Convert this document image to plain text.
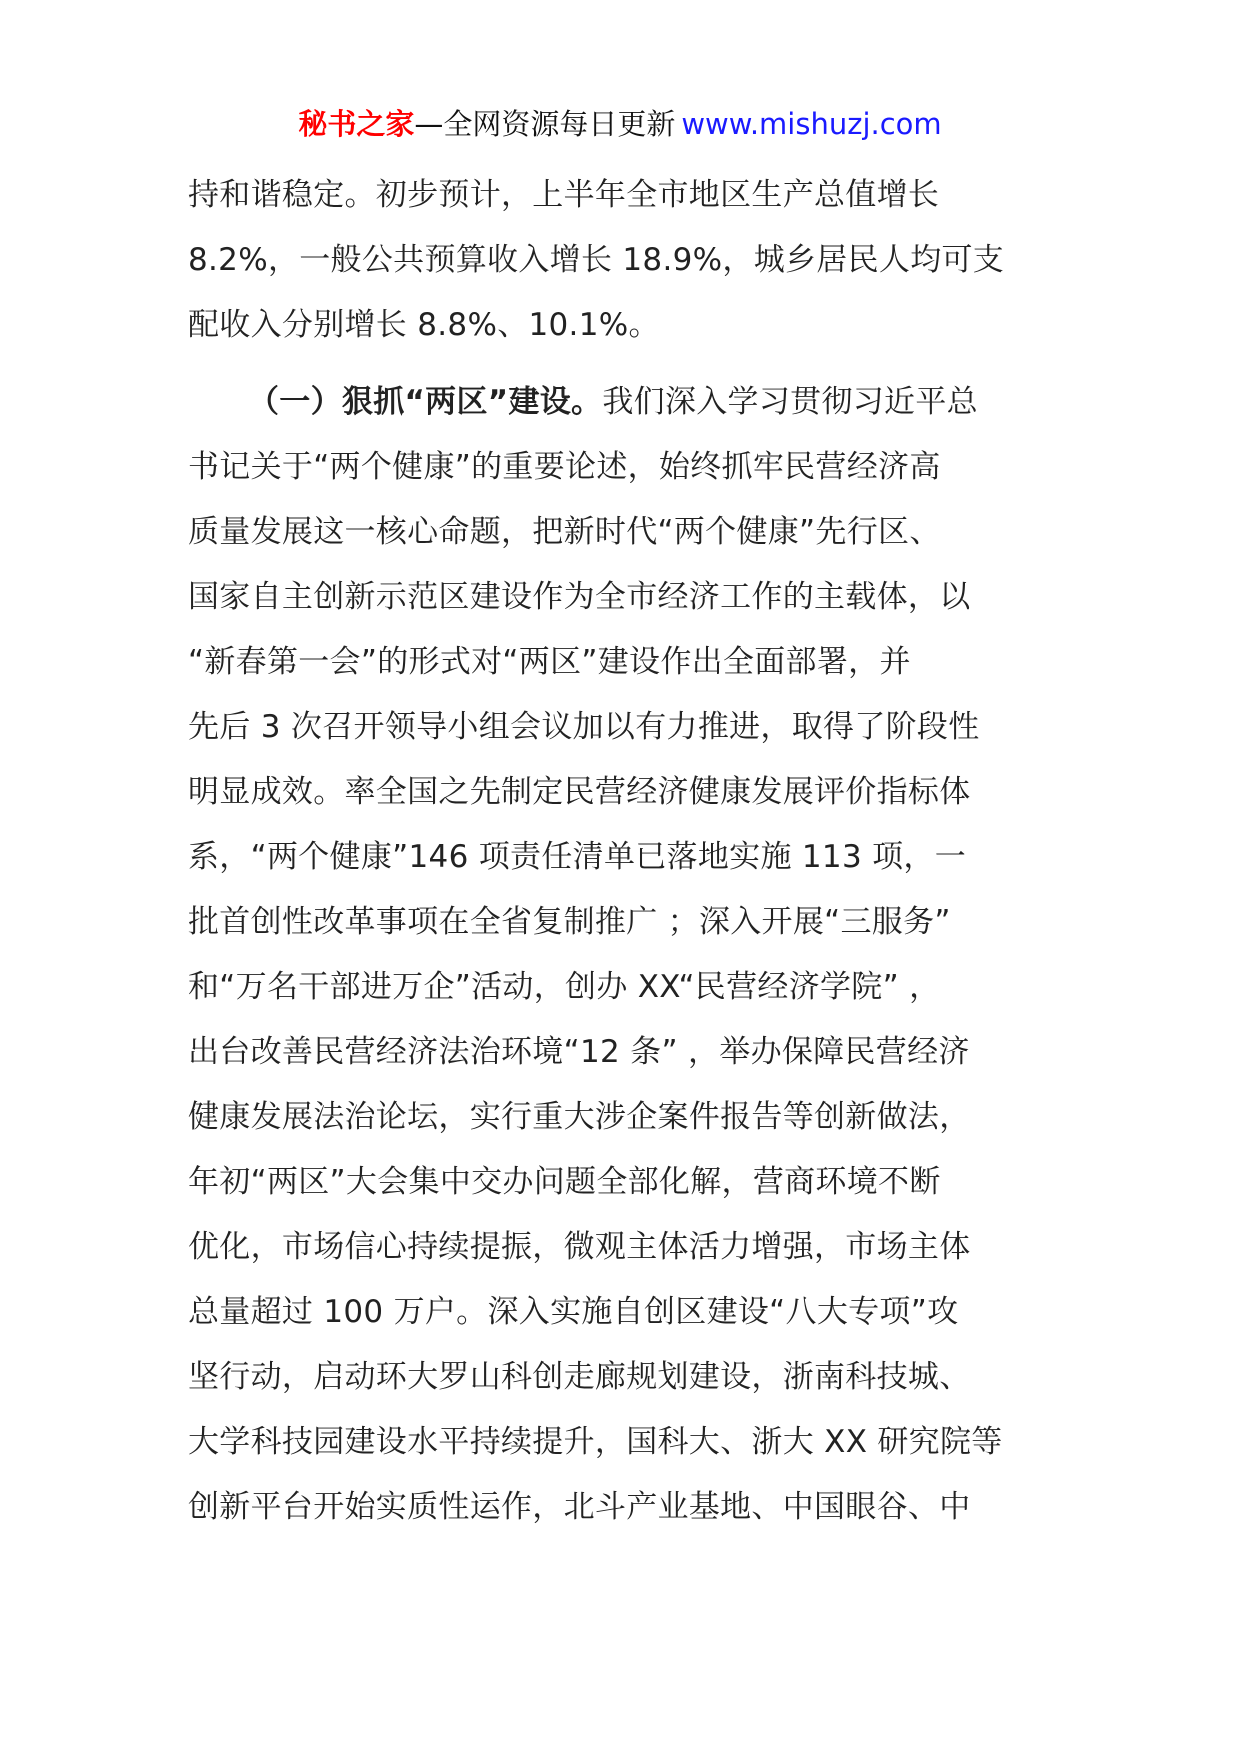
秘书之家—全网资源每日更新 www.mishuzj.com
持和谐稳定。初步预计，上半年全市地区生产总值增长
8.2%，一般公共预算收入增长 18.9%，城乡居民人均可支
配收入分别增长 8.8%、10.1%。
（一）狠抓“两区”建设。我们深入学习贯彻习近平总
书记关于“两个健康”的重要论述，始终抓牢民营经济高
质量发展这一核心命题，把新时代“两个健康”先行区、
国家自主创新示范区建设作为全市经济工作的主载体，以
“新春第一会”的形式对“两区”建设作出全面部署，并
先后 3 次召开领导小组会议加以有力推进，取得了阶段性
明显成效。率全国之先制定民营经济健康发展评价指标体
系，“两个健康”146 项责任清单已落地实施 113 项，一
批首创性改革事项在全省复制推广 ；深入开展“三服务”
和“万名干部进万企”活动，创办 XX“民营经济学院” ，
出台改善民营经济法治环境“12 条” ，举办保障民营经济
健康发展法治论坛，实行重大涉企案件报告等创新做法，
年初“两区”大会集中交办问题全部化解，营商环境不断
优化，市场信心持续提振，微观主体活力增强，市场主体
总量超过 100 万户。深入实施自创区建设“八大专项”攻
坚行动，启动环大罗山科创走廊规划建设，浙南科技城、
大学科技园建设水平持续提升，国科大、浙大 XX 研究院等
创新平台开始实质性运作，北斗产业基地、中国眼谷、中
